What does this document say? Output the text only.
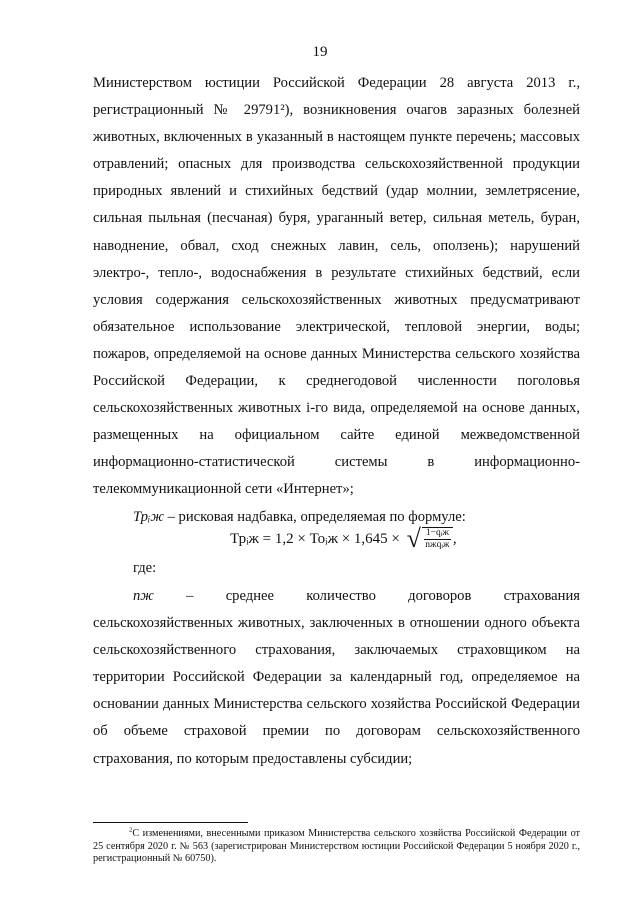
19

Министерством юстиции Российской Федерации 28 августа 2013 г., регистрационный № 29791²), возникновения очагов заразных болезней животных, включенных в указанный в настоящем пункте перечень; массовых отравлений; опасных для производства сельскохозяйственной продукции природных явлений и стихийных бедствий (удар молнии, землетрясение, сильная пыльная (песчаная) буря, ураганный ветер, сильная метель, буран, наводнение, обвал, сход снежных лавин, сель, оползень); нарушений электро-, тепло-, водоснабжения в результате стихийных бедствий, если условия содержания сельскохозяйственных животных предусматривают обязательное использование электрической, тепловой энергии, воды; пожаров, определяемой на основе данных Министерства сельского хозяйства Российской Федерации, к среднегодовой численности поголовья сельскохозяйственных животных i-го вида, определяемой на основе данных, размещенных на официальном сайте единой межведомственной информационно-статистической системы в информационно-телекоммуникационной сети «Интернет»;

Трᵢж – рисковая надбавка, определяемая по формуле:

Трᵢж = 1,2 × Тоᵢж × 1,645 × √ $\frac{\text{1−qᵢж}}{\text{nжqᵢж}}$ ,
где:

nж – среднее количество договоров страхования сельскохозяйственных животных, заключенных в отношении одного объекта сельскохозяйственного страхования, заключаемых страховщиком на территории Российской Федерации за календарный год, определяемое на основании данных Министерства сельского хозяйства Российской Федерации об объеме страховой премии по договорам сельскохозяйственного страхования, по которым предоставлены субсидии;

$^2$С изменениями, внесенными приказом Министерства сельского хозяйства Российской Федерации от 25 сентября 2020 г. № 563 (зарегистрирован Министерством юстиции Российской Федерации 5 ноября 2020 г., регистрационный № 60750).
